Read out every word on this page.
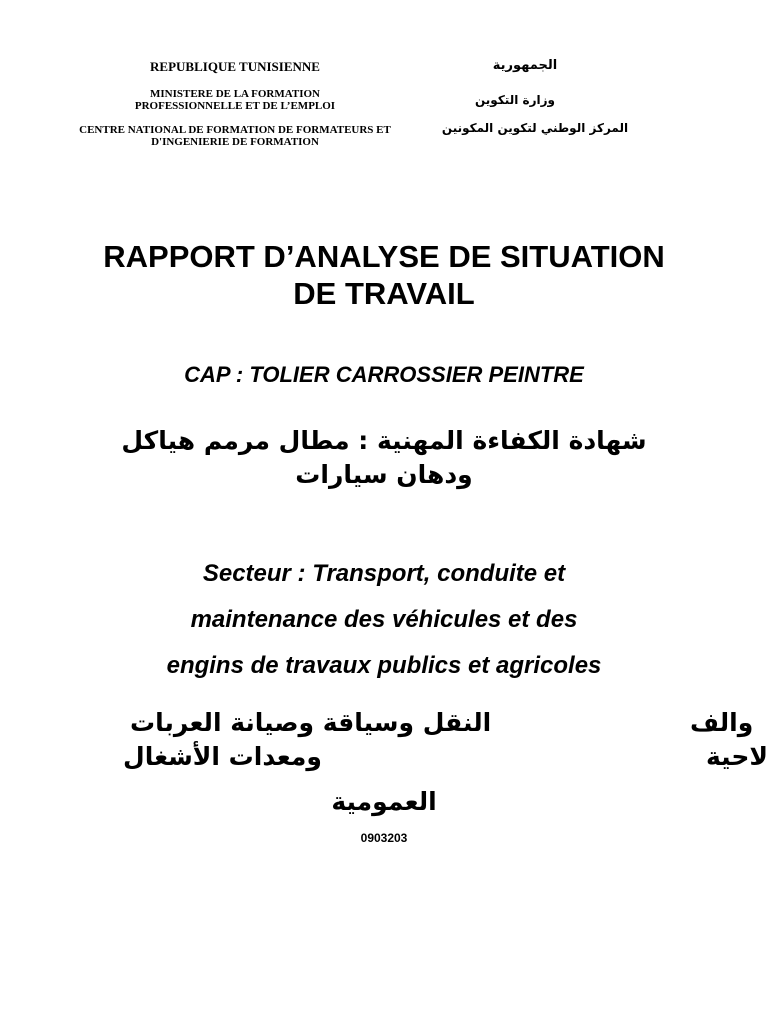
REPUBLIQUE TUNISIENNE
MINISTERE DE LA FORMATION PROFESSIONNELLE ET DE L’EMPLOI
CENTRE NATIONAL DE FORMATION DE FORMATEURS ET D'INGENIERIE DE FORMATION
الجمهورية
وزارة التكوين
المركز الوطني لتكوين المكونين
RAPPORT D’ANALYSE DE SITUATION DE TRAVAIL
CAP : TOLIER CARROSSIER PEINTRE
شهادة الكفاءة المهنية : مطال مرمم هياكل ودهان سيارات
Secteur : Transport, conduite et
maintenance des véhicules et des
engins de travaux publics et agricoles
النقل وسياقة وصيانة العربات	والف
ومعدات الأشغال	لاحية
العمومية
0903203
